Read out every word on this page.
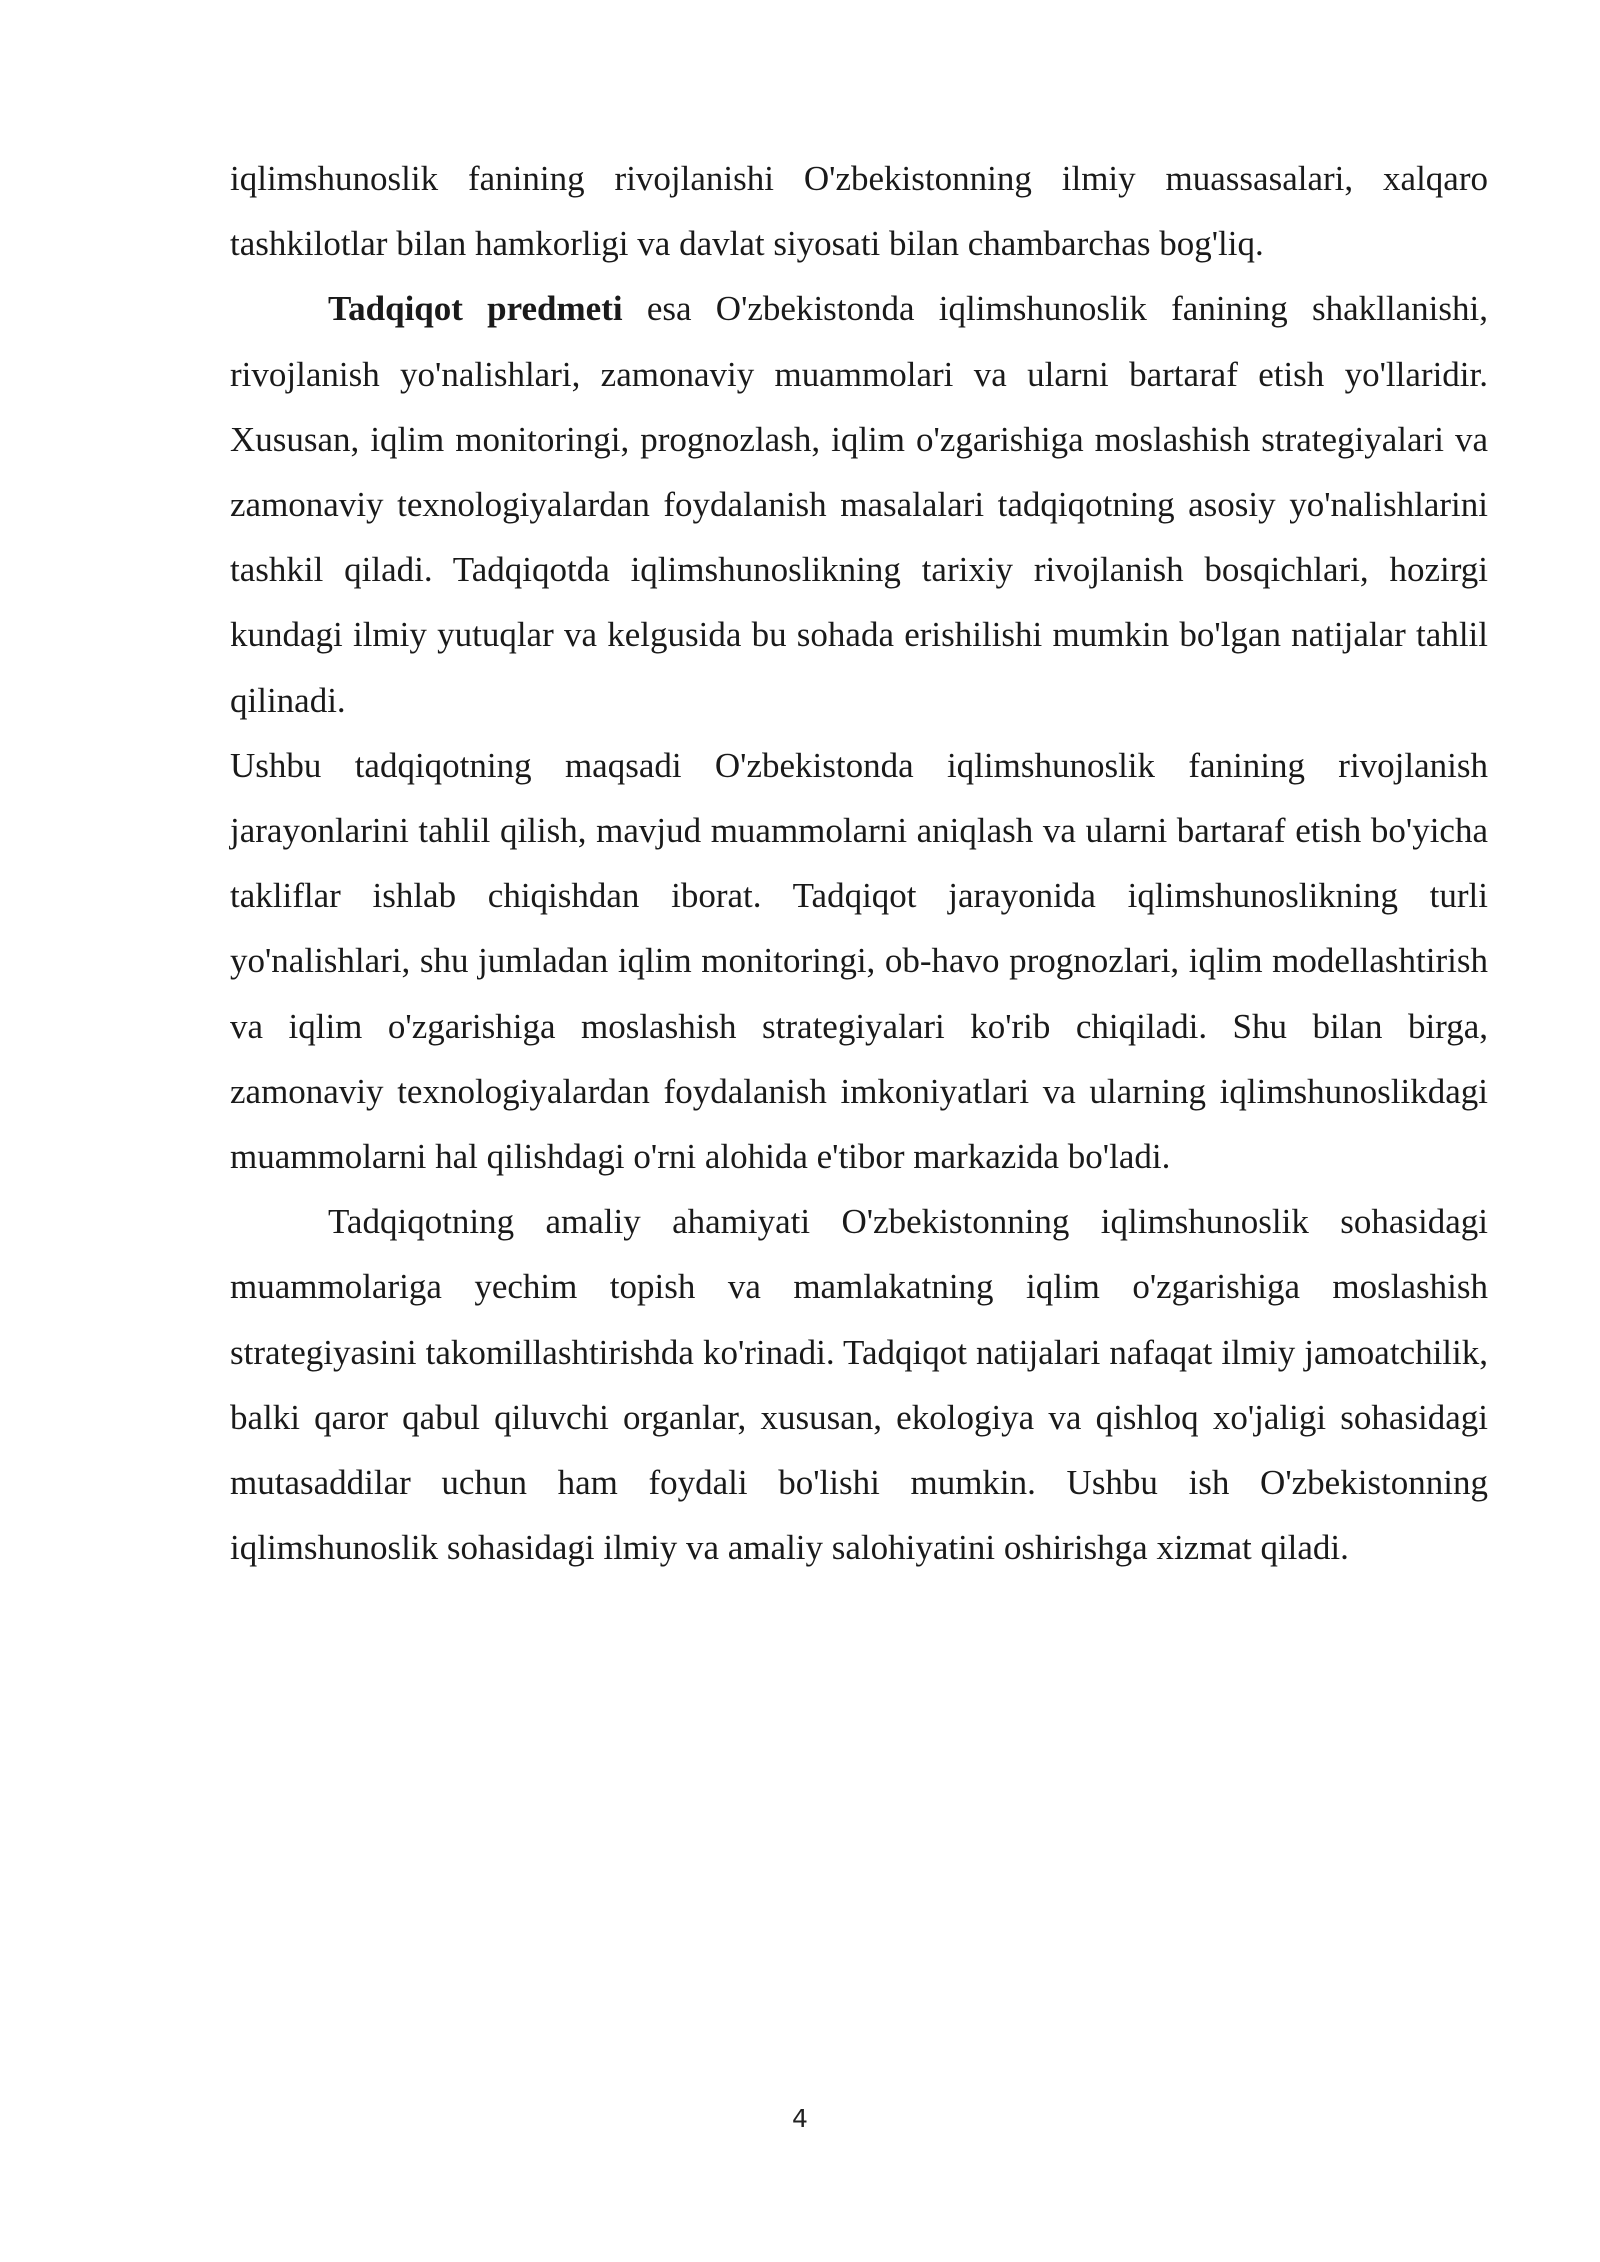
iqlimshunoslik fanining rivojlanishi O'zbekistonning ilmiy muassasalari, xalqaro tashkilotlar bilan hamkorligi va davlat siyosati bilan chambarchas bog'liq.

Tadqiqot predmeti esa O'zbekistonda iqlimshunoslik fanining shakllanishi, rivojlanish yo'nalishlari, zamonaviy muammolari va ularni bartaraf etish yo'llaridir. Xususan, iqlim monitoringi, prognozlash, iqlim o'zgarishiga moslashish strategiyalari va zamonaviy texnologiyalardan foydalanish masalalari tadqiqotning asosiy yo'nalishlarini tashkil qiladi. Tadqiqotda iqlimshunoslikning tarixiy rivojlanish bosqichlari, hozirgi kundagi ilmiy yutuqlar va kelgusida bu sohada erishilishi mumkin bo'lgan natijalar tahlil qilinadi.

Ushbu tadqiqotning maqsadi O'zbekistonda iqlimshunoslik fanining rivojlanish jarayonlarini tahlil qilish, mavjud muammolarni aniqlash va ularni bartaraf etish bo'yicha takliflar ishlab chiqishdan iborat. Tadqiqot jarayonida iqlimshunoslikning turli yo'nalishlari, shu jumladan iqlim monitoringi, ob-havo prognozlari, iqlim modellashtirish va iqlim o'zgarishiga moslashish strategiyalari ko'rib chiqiladi. Shu bilan birga, zamonaviy texnologiyalardan foydalanish imkoniyatlari va ularning iqlimshunoslikdagi muammolarni hal qilishdagi o'rni alohida e'tibor markazida bo'ladi.

Tadqiqotning amaliy ahamiyati O'zbekistonning iqlimshunoslik sohasidagi muammolariga yechim topish va mamlakatning iqlim o'zgarishiga moslashish strategiyasini takomillashtirishda ko'rinadi. Tadqiqot natijalari nafaqat ilmiy jamoatchilik, balki qaror qabul qiluvchi organlar, xususan, ekologiya va qishloq xo'jaligi sohasidagi mutasaddilar uchun ham foydali bo'lishi mumkin. Ushbu ish O'zbekistonning iqlimshunoslik sohasidagi ilmiy va amaliy salohiyatini oshirishga xizmat qiladi.

4
